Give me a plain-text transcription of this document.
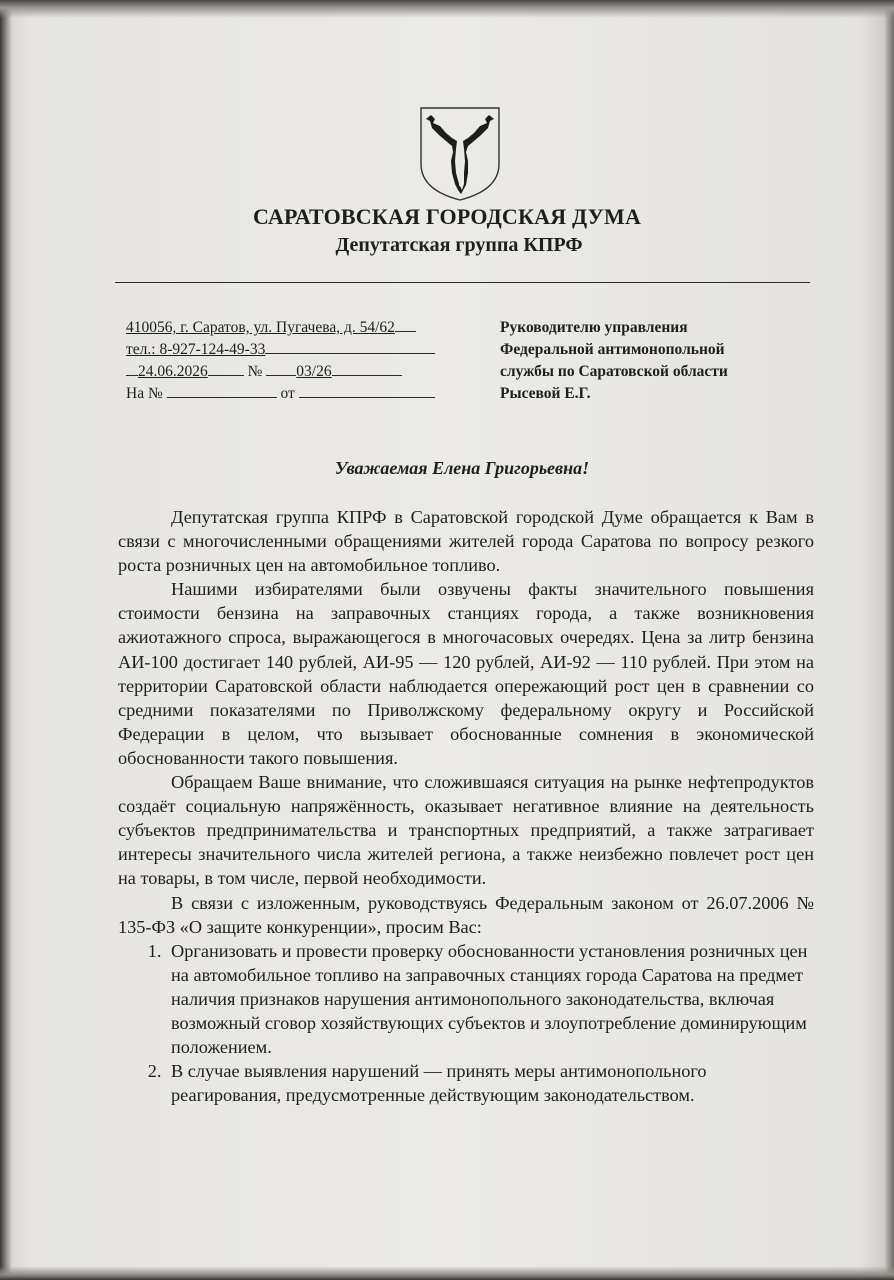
САРАТОВСКАЯ ГОРОДСКАЯ ДУМА
Депутатская группа КПРФ
410056, г. Саратов, ул. Пугачева, д. 54/62
тел.: 8-927-124-49-33
24.06.2026	№ 03/26
На №	от
Руководителю управления
Федеральной антимонопольной
службы по Саратовской области
Рысевой Е.Г.
Уважаемая Елена Григорьевна!

Депутатская группа КПРФ в Саратовской городской Думе обращается к Вам в связи с многочисленными обращениями жителей города Саратова по вопросу резкого роста розничных цен на автомобильное топливо.

Нашими избирателями были озвучены факты значительного повышения стоимости бензина на заправочных станциях города, а также возникновения ажиотажного спроса, выражающегося в многочасовых очередях. Цена за литр бензина АИ-100 достигает 140 рублей, АИ-95 — 120 рублей, АИ-92 — 110 рублей. При этом на территории Саратовской области наблюдается опережающий рост цен в сравнении со средними показателями по Приволжскому федеральному округу и Российской Федерации в целом, что вызывает обоснованные сомнения в экономической обоснованности такого повышения.

Обращаем Ваше внимание, что сложившаяся ситуация на рынке нефтепродуктов создаёт социальную напряжённость, оказывает негативное влияние на деятельность субъектов предпринимательства и транспортных предприятий, а также затрагивает интересы значительного числа жителей региона, а также неизбежно повлечет рост цен на товары, в том числе, первой необходимости.

В связи с изложенным, руководствуясь Федеральным законом от 26.07.2006 № 135-ФЗ «О защите конкуренции», просим Вас:

1. Организовать и провести проверку обоснованности установления розничных цен на автомобильное топливо на заправочных станциях города Саратова на предмет наличия признаков нарушения антимонопольного законодательства, включая возможный сговор хозяйствующих субъектов и злоупотребление доминирующим положением.
2. В случае выявления нарушений — принять меры антимонопольного реагирования, предусмотренные действующим законодательством.
